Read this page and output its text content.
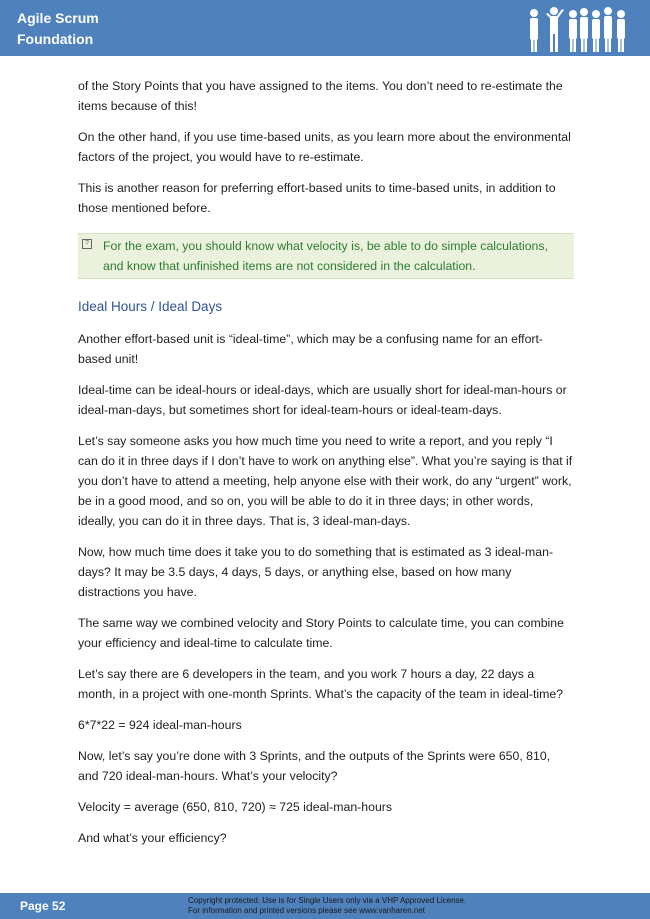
Agile Scrum
Foundation

of the Story Points that you have assigned to the items. You don’t need to re-estimate the items because of this!

On the other hand, if you use time-based units, as you learn more about the environmental factors of the project, you would have to re-estimate.

This is another reason for preferring effort-based units to time-based units, in addition to those mentioned before.

? For the exam, you should know what velocity is, be able to do simple calculations, and know that unfinished items are not considered in the calculation.
Ideal Hours / Ideal Days

Another effort-based unit is “ideal-time”, which may be a confusing name for an effort-based unit!

Ideal-time can be ideal-hours or ideal-days, which are usually short for ideal-man-hours or ideal-man-days, but sometimes short for ideal-team-hours or ideal-team-days.

Let’s say someone asks you how much time you need to write a report, and you reply “I can do it in three days if I don’t have to work on anything else”. What you’re saying is that if you don’t have to attend a meeting, help anyone else with their work, do any “urgent” work, be in a good mood, and so on, you will be able to do it in three days; in other words, ideally, you can do it in three days. That is, 3 ideal-man-days.

Now, how much time does it take you to do something that is estimated as 3 ideal-man-days? It may be 3.5 days, 4 days, 5 days, or anything else, based on how many distractions you have.

The same way we combined velocity and Story Points to calculate time, you can combine your efficiency and ideal-time to calculate time.

Let’s say there are 6 developers in the team, and you work 7 hours a day, 22 days a month, in a project with one-month Sprints. What’s the capacity of the team in ideal-time?

6*7*22 = 924 ideal-man-hours

Now, let’s say you’re done with 3 Sprints, and the outputs of the Sprints were 650, 810, and 720 ideal-man-hours. What’s your velocity?

Velocity = average (650, 810, 720) ≈ 725 ideal-man-hours

And what’s your efficiency?

Page 52	Copyright protected. Use is for Single Users only via a VHP Approved License.
For information and printed versions please see www.vanharen.net
